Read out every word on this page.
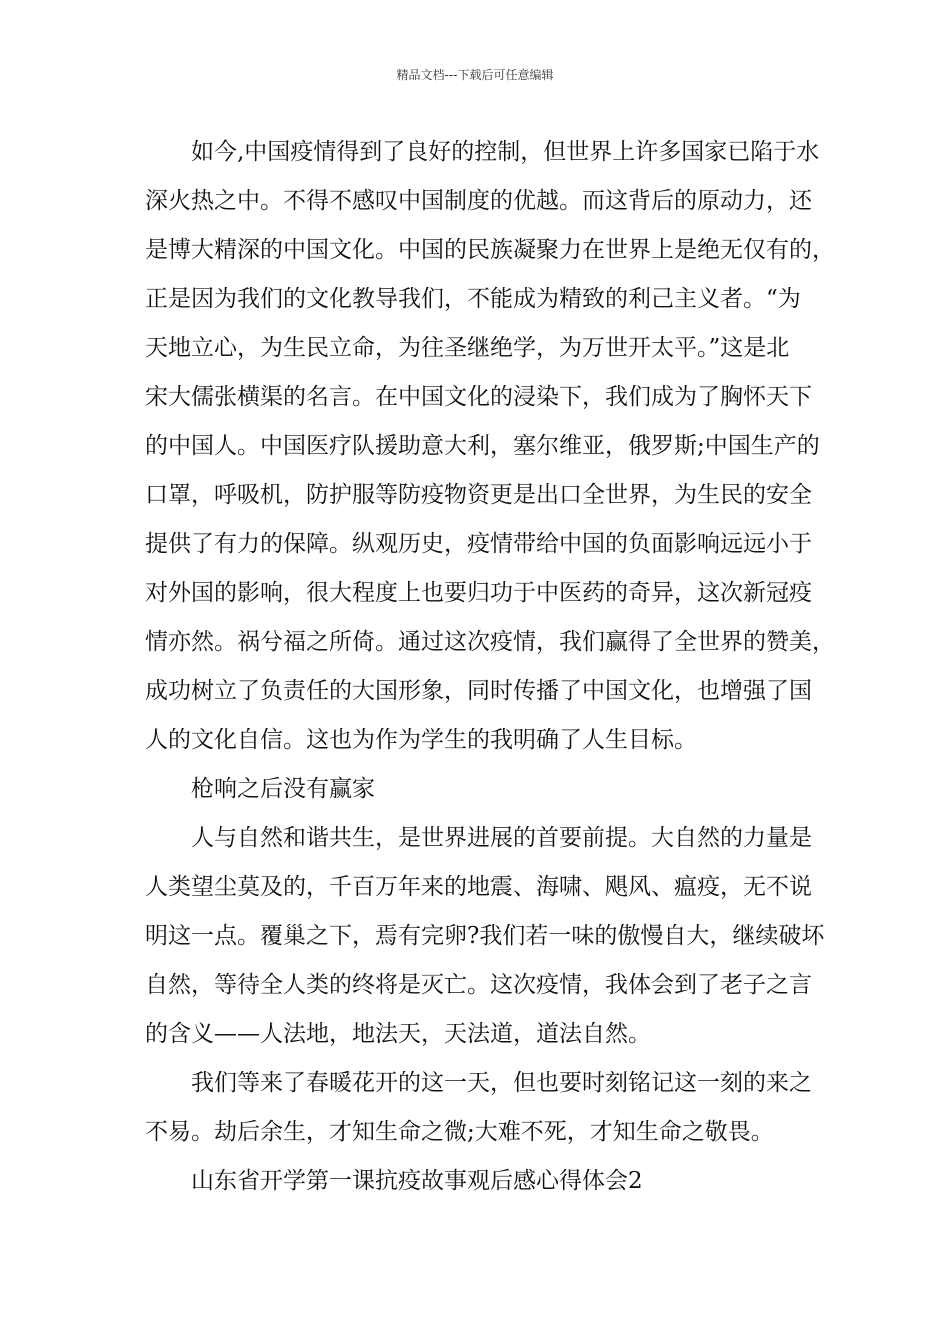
精品文档---下载后可任意编辑
如今,中国疫情得到了良好的控制，但世界上许多国家已陷于水
深火热之中。不得不感叹中国制度的优越。而这背后的原动力，还
是博大精深的中国文化。中国的民族凝聚力在世界上是绝无仅有的，
正是因为我们的文化教导我们，不能成为精致的利己主义者。“为
天地立心，为生民立命，为往圣继绝学，为万世开太平。”这是北
宋大儒张横渠的名言。在中国文化的浸染下，我们成为了胸怀天下
的中国人。中国医疗队援助意大利，塞尔维亚，俄罗斯;中国生产的
口罩，呼吸机，防护服等防疫物资更是出口全世界，为生民的安全
提供了有力的保障。纵观历史，疫情带给中国的负面影响远远小于
对外国的影响，很大程度上也要归功于中医药的奇异，这次新冠疫
情亦然。祸兮福之所倚。通过这次疫情，我们赢得了全世界的赞美，
成功树立了负责任的大国形象，同时传播了中国文化，也增强了国
人的文化自信。这也为作为学生的我明确了人生目标。
枪响之后没有赢家
人与自然和谐共生，是世界进展的首要前提。大自然的力量是
人类望尘莫及的，千百万年来的地震、海啸、飓风、瘟疫，无不说
明这一点。覆巢之下，焉有完卵?我们若一味的傲慢自大，继续破坏
自然，等待全人类的终将是灭亡。这次疫情，我体会到了老子之言
的含义——人法地，地法天，天法道，道法自然。
我们等来了春暖花开的这一天，但也要时刻铭记这一刻的来之
不易。劫后余生，才知生命之微;大难不死，才知生命之敬畏。
山东省开学第一课抗疫故事观后感心得体会2
